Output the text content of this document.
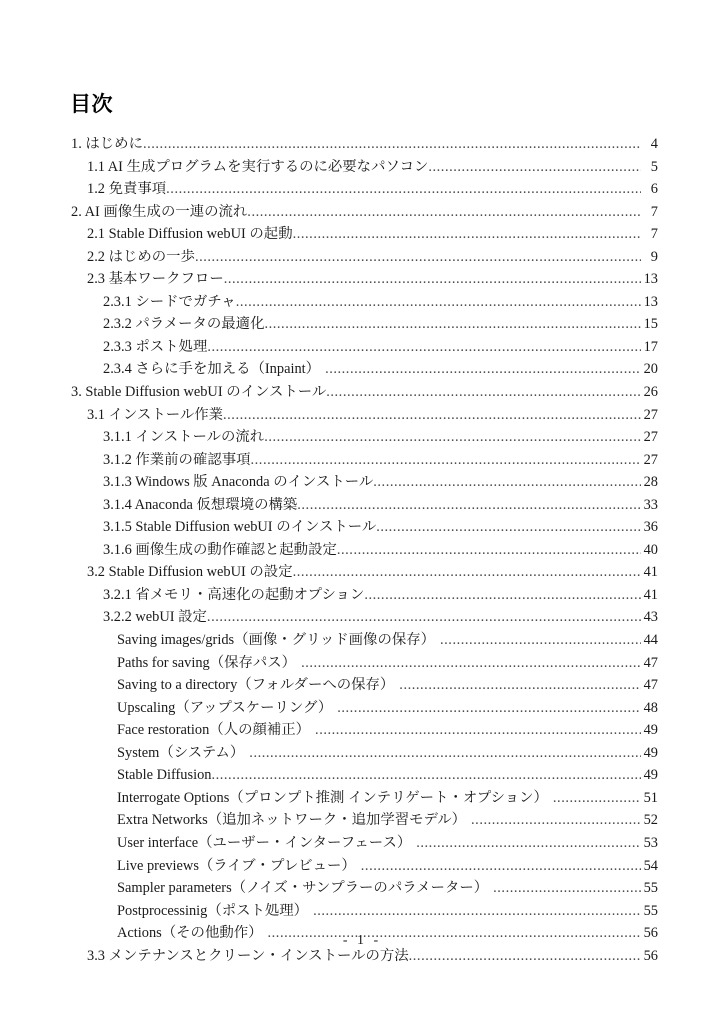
目次
1. はじめに .....	4
1.1 AI 生成プログラムを実行するのに必要なパソコン .....	5
1.2 免責事項 .....	6
2. AI 画像生成の一連の流れ .....	7
2.1 Stable Diffusion webUI の起動 .....	7
2.2 はじめの一歩 .....	9
2.3 基本ワークフロー .....	13
2.3.1 シードでガチャ .....	13
2.3.2 パラメータの最適化 .....	15
2.3.3 ポスト処理 .....	17
2.3.4 さらに手を加える（Inpaint） .....	20
3. Stable Diffusion webUI のインストール .....	26
3.1 インストール作業 .....	27
3.1.1 インストールの流れ .....	27
3.1.2 作業前の確認事項 .....	27
3.1.3 Windows 版 Anaconda のインストール .....	28
3.1.4 Anaconda 仮想環境の構築 .....	33
3.1.5 Stable Diffusion webUI のインストール .....	36
3.1.6 画像生成の動作確認と起動設定 .....	40
3.2 Stable Diffusion webUI の設定 .....	41
3.2.1 省メモリ・高速化の起動オプション .....	41
3.2.2 webUI 設定 .....	43
Saving images/grids（画像・グリッド画像の保存） .....	44
Paths for saving（保存パス） .....	47
Saving to a directory（フォルダーへの保存） .....	47
Upscaling（アップスケーリング） .....	48
Face restoration（人の顔補正） .....	49
System（システム） .....	49
Stable Diffusion .....	49
Interrogate Options（プロンプト推測 インテリゲート・オプション） .....	51
Extra Networks（追加ネットワーク・追加学習モデル） .....	52
User interface（ユーザー・インターフェース） .....	53
Live previews（ライブ・プレビュー） .....	54
Sampler parameters（ノイズ・サンプラーのパラメーター） .....	55
Postprocessinig（ポスト処理） .....	55
Actions（その他動作） .....	56
3.3 メンテナンスとクリーン・インストールの方法 .....	56
- 1 -
